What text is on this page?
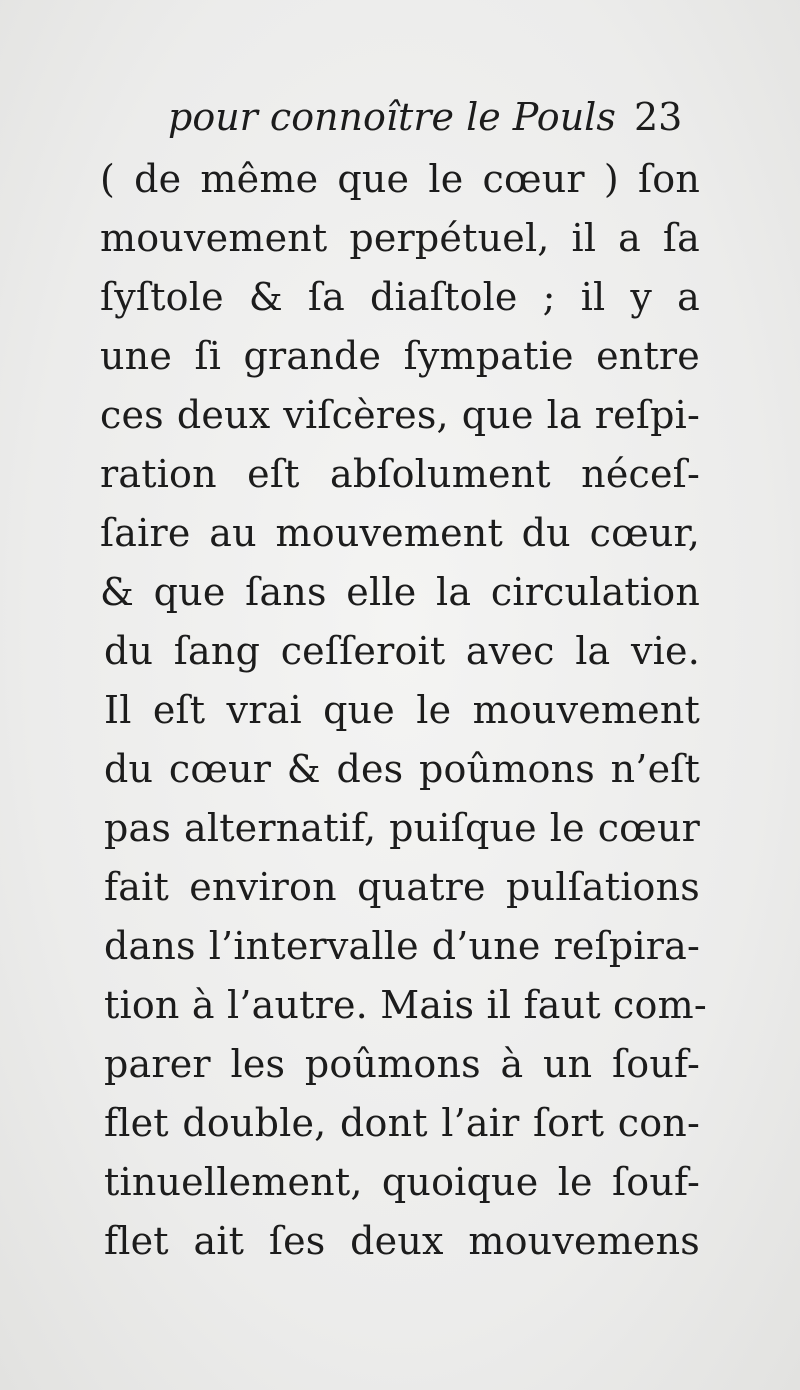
pour connoître le Pouls 23
( de même que le cœur ) ſon
mouvement perpétuel, il a ſa
ſyſtole & ſa diaſtole ; il y a
une ſi grande ſympatie entre
ces deux viſcères, que la reſpi-
ration eſt abſolument néceſ-
ſaire au mouvement du cœur,
& que ſans elle la circulation
du ſang ceſſeroit avec la vie.
Il eſt vrai que le mouvement
du cœur & des poûmons n’eſt
pas alternatif, puiſque le cœur
fait environ quatre pulſations
dans l’intervalle d’une reſpira-
tion à l’autre. Mais il faut com-
parer les poûmons à un ſouf-
flet double, dont l’air ſort con-
tinuellement, quoique le ſouf-
flet ait ſes deux mouvemens
